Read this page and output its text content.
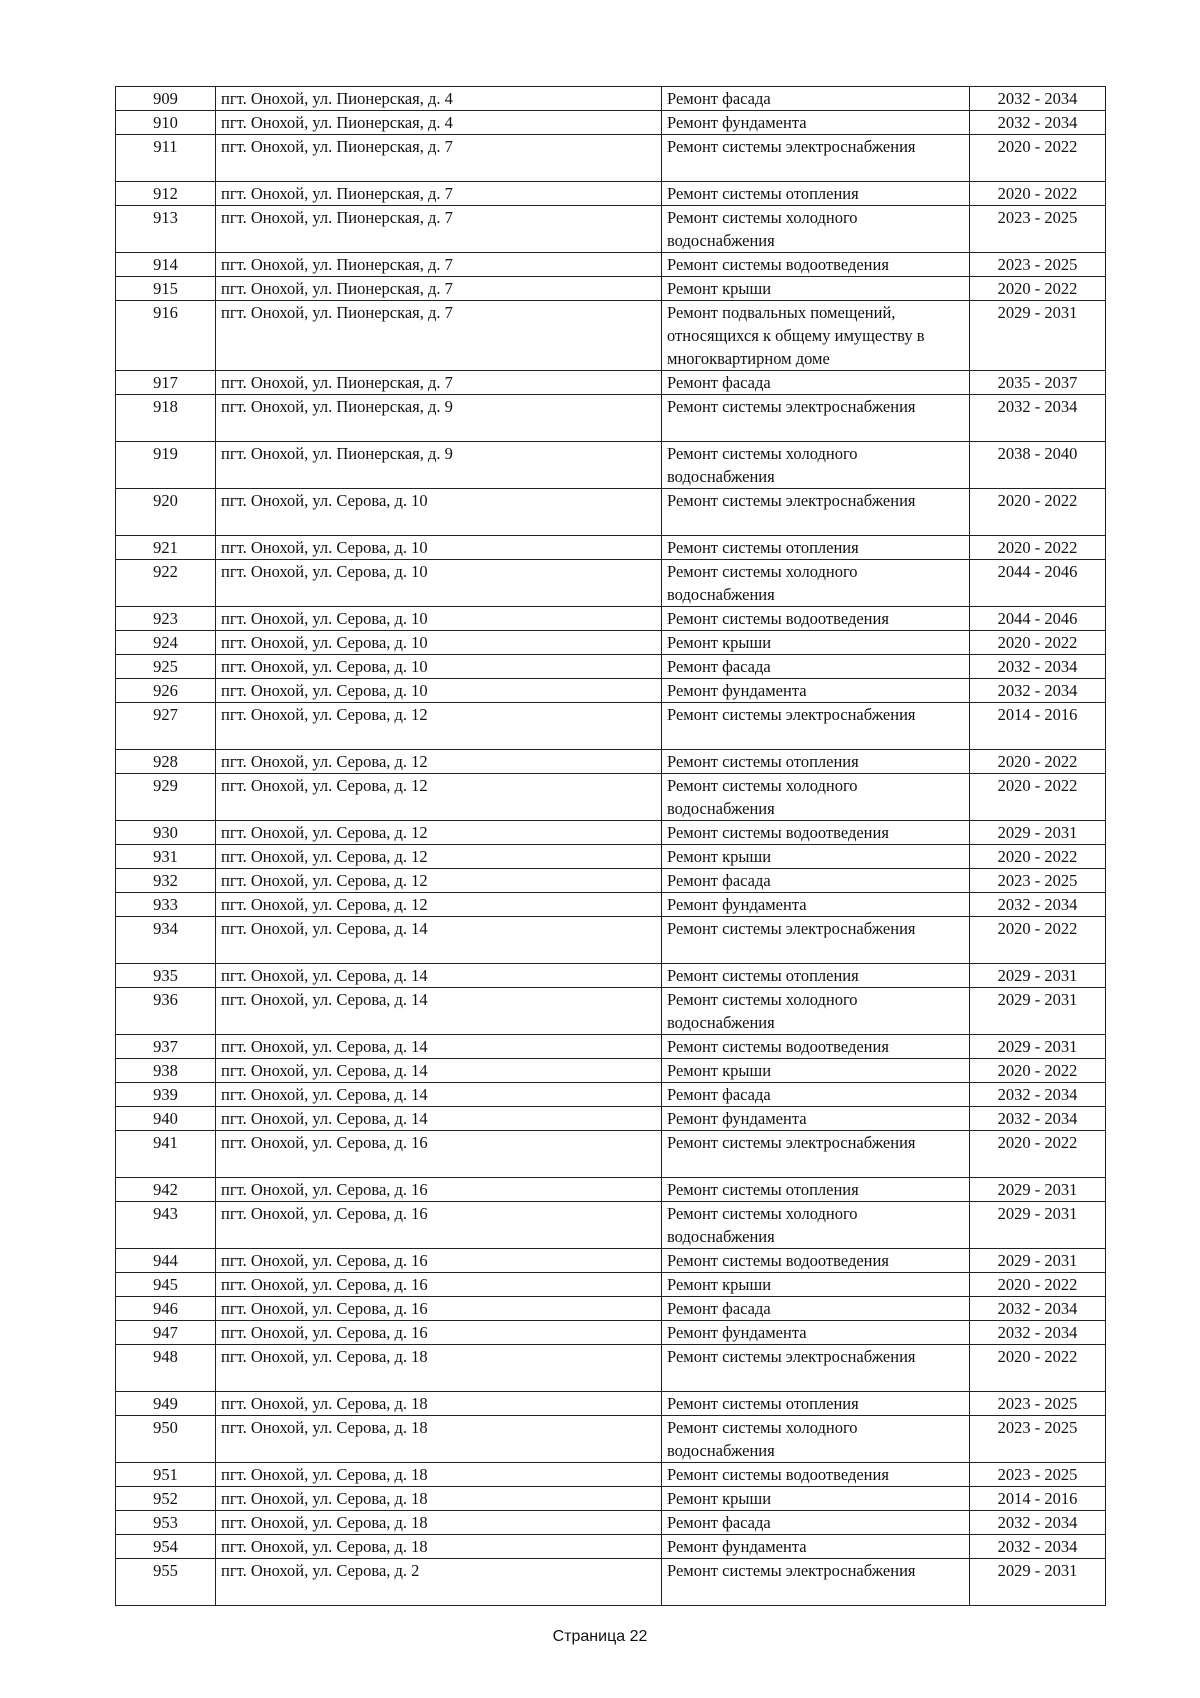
909	пгт. Онохой, ул. Пионерская, д. 4	Ремонт фасада	2032 - 2034
910	пгт. Онохой, ул. Пионерская, д. 4	Ремонт фундамента	2032 - 2034
911	пгт. Онохой, ул. Пионерская, д. 7	Ремонт системы электроснабжения	2020 - 2022
912	пгт. Онохой, ул. Пионерская, д. 7	Ремонт системы отопления	2020 - 2022
913	пгт. Онохой, ул. Пионерская, д. 7	Ремонт системы холодного водоснабжения	2023 - 2025
914	пгт. Онохой, ул. Пионерская, д. 7	Ремонт системы водоотведения	2023 - 2025
915	пгт. Онохой, ул. Пионерская, д. 7	Ремонт крыши	2020 - 2022
916	пгт. Онохой, ул. Пионерская, д. 7	Ремонт подвальных помещений, относящихся к общему имуществу в многоквартирном доме	2029 - 2031
917	пгт. Онохой, ул. Пионерская, д. 7	Ремонт фасада	2035 - 2037
918	пгт. Онохой, ул. Пионерская, д. 9	Ремонт системы электроснабжения	2032 - 2034
919	пгт. Онохой, ул. Пионерская, д. 9	Ремонт системы холодного водоснабжения	2038 - 2040
920	пгт. Онохой, ул. Серова, д. 10	Ремонт системы электроснабжения	2020 - 2022
921	пгт. Онохой, ул. Серова, д. 10	Ремонт системы отопления	2020 - 2022
922	пгт. Онохой, ул. Серова, д. 10	Ремонт системы холодного водоснабжения	2044 - 2046
923	пгт. Онохой, ул. Серова, д. 10	Ремонт системы водоотведения	2044 - 2046
924	пгт. Онохой, ул. Серова, д. 10	Ремонт крыши	2020 - 2022
925	пгт. Онохой, ул. Серова, д. 10	Ремонт фасада	2032 - 2034
926	пгт. Онохой, ул. Серова, д. 10	Ремонт фундамента	2032 - 2034
927	пгт. Онохой, ул. Серова, д. 12	Ремонт системы электроснабжения	2014 - 2016
928	пгт. Онохой, ул. Серова, д. 12	Ремонт системы отопления	2020 - 2022
929	пгт. Онохой, ул. Серова, д. 12	Ремонт системы холодного водоснабжения	2020 - 2022
930	пгт. Онохой, ул. Серова, д. 12	Ремонт системы водоотведения	2029 - 2031
931	пгт. Онохой, ул. Серова, д. 12	Ремонт крыши	2020 - 2022
932	пгт. Онохой, ул. Серова, д. 12	Ремонт фасада	2023 - 2025
933	пгт. Онохой, ул. Серова, д. 12	Ремонт фундамента	2032 - 2034
934	пгт. Онохой, ул. Серова, д. 14	Ремонт системы электроснабжения	2020 - 2022
935	пгт. Онохой, ул. Серова, д. 14	Ремонт системы отопления	2029 - 2031
936	пгт. Онохой, ул. Серова, д. 14	Ремонт системы холодного водоснабжения	2029 - 2031
937	пгт. Онохой, ул. Серова, д. 14	Ремонт системы водоотведения	2029 - 2031
938	пгт. Онохой, ул. Серова, д. 14	Ремонт крыши	2020 - 2022
939	пгт. Онохой, ул. Серова, д. 14	Ремонт фасада	2032 - 2034
940	пгт. Онохой, ул. Серова, д. 14	Ремонт фундамента	2032 - 2034
941	пгт. Онохой, ул. Серова, д. 16	Ремонт системы электроснабжения	2020 - 2022
942	пгт. Онохой, ул. Серова, д. 16	Ремонт системы отопления	2029 - 2031
943	пгт. Онохой, ул. Серова, д. 16	Ремонт системы холодного водоснабжения	2029 - 2031
944	пгт. Онохой, ул. Серова, д. 16	Ремонт системы водоотведения	2029 - 2031
945	пгт. Онохой, ул. Серова, д. 16	Ремонт крыши	2020 - 2022
946	пгт. Онохой, ул. Серова, д. 16	Ремонт фасада	2032 - 2034
947	пгт. Онохой, ул. Серова, д. 16	Ремонт фундамента	2032 - 2034
948	пгт. Онохой, ул. Серова, д. 18	Ремонт системы электроснабжения	2020 - 2022
949	пгт. Онохой, ул. Серова, д. 18	Ремонт системы отопления	2023 - 2025
950	пгт. Онохой, ул. Серова, д. 18	Ремонт системы холодного водоснабжения	2023 - 2025
951	пгт. Онохой, ул. Серова, д. 18	Ремонт системы водоотведения	2023 - 2025
952	пгт. Онохой, ул. Серова, д. 18	Ремонт крыши	2014 - 2016
953	пгт. Онохой, ул. Серова, д. 18	Ремонт фасада	2032 - 2034
954	пгт. Онохой, ул. Серова, д. 18	Ремонт фундамента	2032 - 2034
955	пгт. Онохой, ул. Серова, д. 2	Ремонт системы электроснабжения	2029 - 2031
Страница 22
